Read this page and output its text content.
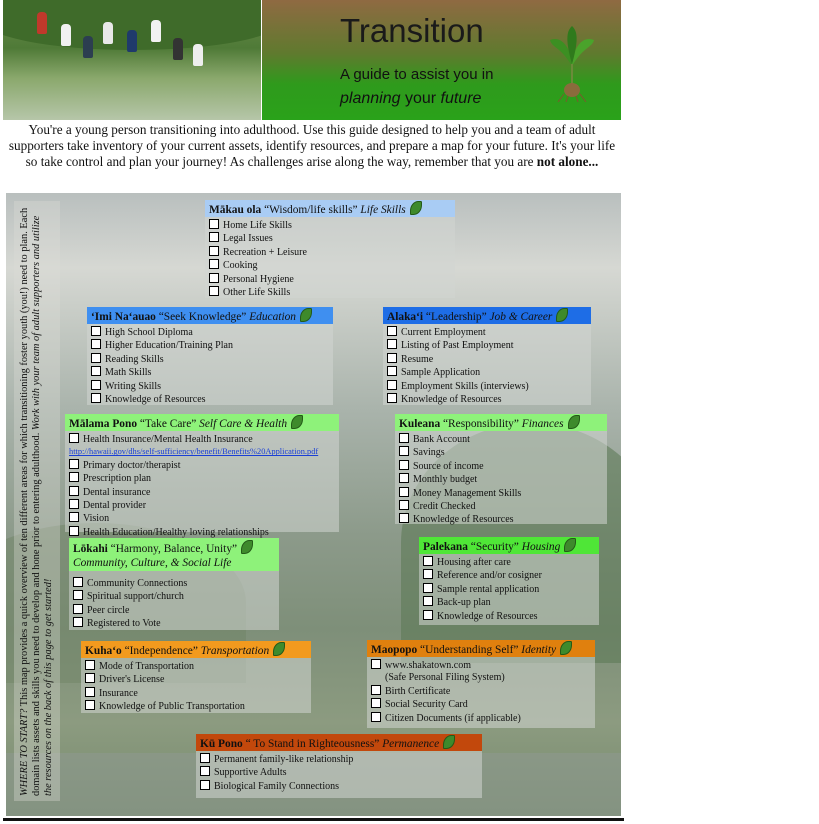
Transition
A guide to assist you in
planning your future
You're a young person transitioning into adulthood. Use this guide designed to help you and a team of adult supporters take inventory of your current assets, identify resources, and prepare a map for your future. It's your life so take control and plan your journey! As challenges arise along the way, remember that you are not alone...
WHERE TO START? This map provides a quick overview of ten different areas for which transitioning foster youth (you!) need to plan. Each domain lists assets and skills you need to develop and hone prior to entering adulthood. Work with your team of adult supporters and utilize the resources on the back of this page to get started!
Mākau ola “Wisdom/life skills” Life Skills
Home Life Skills
Legal Issues
Recreation + Leisure
Cooking
Personal Hygiene
Other Life Skills
‘Imi Na‘auao “Seek Knowledge” Education
High School Diploma
Higher Education/Training Plan
Reading Skills
Math Skills
Writing Skills
Knowledge of Resources
Alaka‘i “Leadership” Job & Career
Current Employment
Listing of Past Employment
Resume
Sample Application
Employment Skills (interviews)
Knowledge of Resources
Mālama Pono “Take Care” Self Care & Health
Health Insurance/Mental Health Insurance
http://hawaii.gov/dhs/self-sufficiency/benefit/Benefits%20Application.pdf
Primary doctor/therapist
Prescription plan
Dental insurance
Dental provider
Vision
Health Education/Healthy loving relationships
Kuleana “Responsibility” Finances
Bank Account
Savings
Source of income
Monthly budget
Money Management Skills
Credit Checked
Knowledge of Resources
Lōkahi “Harmony, Balance, Unity”
Community, Culture, & Social Life
Community Connections
Spiritual support/church
Peer circle
Registered to Vote
Palekana “Security” Housing
Housing after care
Reference and/or cosigner
Sample rental application
Back-up plan
Knowledge of Resources
Kuha‘o “Independence” Transportation
Mode of Transportation
Driver's License
Insurance
Knowledge of Public Transportation
Maopopo “Understanding Self” Identity
www.shakatown.com
(Safe Personal Filing System)
Birth Certificate
Social Security Card
Citizen Documents (if applicable)
Kū Pono “ To Stand in Righteousness” Permanence
Permanent family-like relationship
Supportive Adults
Biological Family Connections
